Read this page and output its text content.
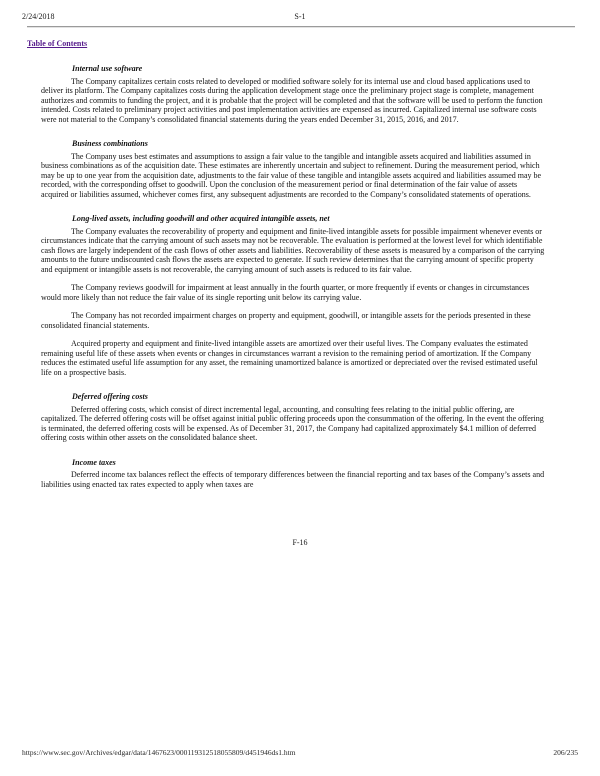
2/24/2018	S-1
Table of Contents
Internal use software

The Company capitalizes certain costs related to developed or modified software solely for its internal use and cloud based applications used to deliver its platform. The Company capitalizes costs during the application development stage once the preliminary project stage is complete, management authorizes and commits to funding the project, and it is probable that the project will be completed and that the software will be used to perform the function intended. Costs related to preliminary project activities and post implementation activities are expensed as incurred. Capitalized internal use software costs were not material to the Company’s consolidated financial statements during the years ended December 31, 2015, 2016, and 2017.

Business combinations

The Company uses best estimates and assumptions to assign a fair value to the tangible and intangible assets acquired and liabilities assumed in business combinations as of the acquisition date. These estimates are inherently uncertain and subject to refinement. During the measurement period, which may be up to one year from the acquisition date, adjustments to the fair value of these tangible and intangible assets acquired and liabilities assumed may be recorded, with the corresponding offset to goodwill. Upon the conclusion of the measurement period or final determination of the fair value of assets acquired or liabilities assumed, whichever comes first, any subsequent adjustments are recorded to the Company’s consolidated statements of operations.

Long-lived assets, including goodwill and other acquired intangible assets, net

The Company evaluates the recoverability of property and equipment and finite-lived intangible assets for possible impairment whenever events or circumstances indicate that the carrying amount of such assets may not be recoverable. The evaluation is performed at the lowest level for which identifiable cash flows are largely independent of the cash flows of other assets and liabilities. Recoverability of these assets is measured by a comparison of the carrying amounts to the future undiscounted cash flows the assets are expected to generate. If such review determines that the carrying amount of specific property and equipment or intangible assets is not recoverable, the carrying amount of such assets is reduced to its fair value.

The Company reviews goodwill for impairment at least annually in the fourth quarter, or more frequently if events or changes in circumstances would more likely than not reduce the fair value of its single reporting unit below its carrying value.

The Company has not recorded impairment charges on property and equipment, goodwill, or intangible assets for the periods presented in these consolidated financial statements.

Acquired property and equipment and finite-lived intangible assets are amortized over their useful lives. The Company evaluates the estimated remaining useful life of these assets when events or changes in circumstances warrant a revision to the remaining period of amortization. If the Company reduces the estimated useful life assumption for any asset, the remaining unamortized balance is amortized or depreciated over the revised estimated useful life on a prospective basis.

Deferred offering costs

Deferred offering costs, which consist of direct incremental legal, accounting, and consulting fees relating to the initial public offering, are capitalized. The deferred offering costs will be offset against initial public offering proceeds upon the consummation of the offering. In the event the offering is terminated, the deferred offering costs will be expensed. As of December 31, 2017, the Company had capitalized approximately $4.1 million of deferred offering costs within other assets on the consolidated balance sheet.

Income taxes

Deferred income tax balances reflect the effects of temporary differences between the financial reporting and tax bases of the Company’s assets and liabilities using enacted tax rates expected to apply when taxes are

F-16
https://www.sec.gov/Archives/edgar/data/1467623/000119312518055809/d451946ds1.htm	206/235
